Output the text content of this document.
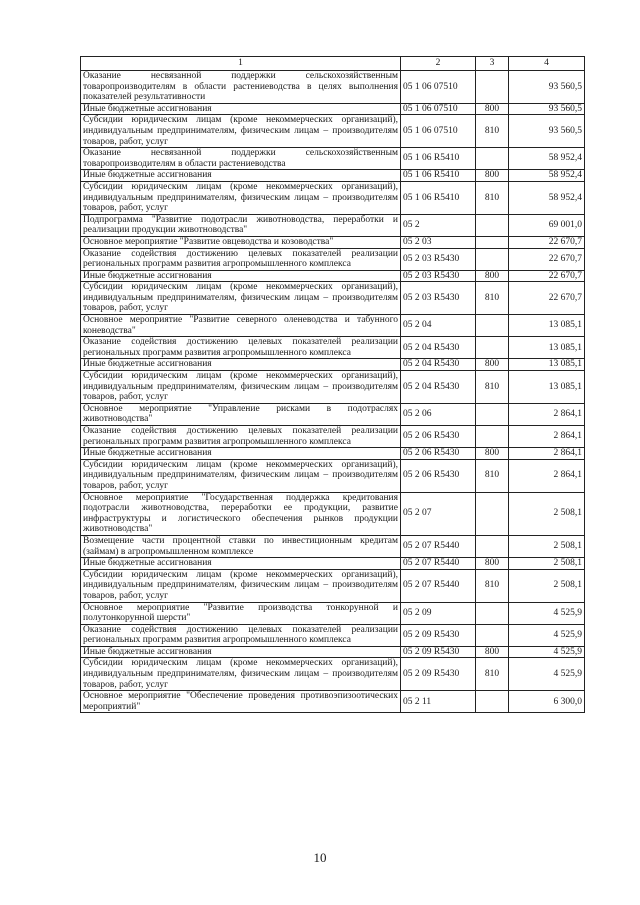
1	2	3	4
Оказание несвязанной поддержки сельскохозяйственным товаропроизводителям в области растениеводства в целях выполнения показателей результативности	05 1 06 07510		93 560,5
Иные бюджетные ассигнования	05 1 06 07510	800	93 560,5
Субсидии юридическим лицам (кроме некоммерческих организаций), индивидуальным предпринимателям, физическим лицам – производителям товаров, работ, услуг	05 1 06 07510	810	93 560,5
Оказание несвязанной поддержки сельскохозяйственным товаропроизводителям в области растениеводства	05 1 06 R5410		58 952,4
Иные бюджетные ассигнования	05 1 06 R5410	800	58 952,4
Субсидии юридическим лицам (кроме некоммерческих организаций), индивидуальным предпринимателям, физическим лицам – производителям товаров, работ, услуг	05 1 06 R5410	810	58 952,4
Подпрограмма "Развитие подотрасли животноводства, переработки и реализации продукции животноводства"	05 2		69 001,0
Основное мероприятие "Развитие овцеводства и козоводства"	05 2 03		22 670,7
Оказание содействия достижению целевых показателей реализации региональных программ развития агропромышленного комплекса	05 2 03 R5430		22 670,7
Иные бюджетные ассигнования	05 2 03 R5430	800	22 670,7
Субсидии юридическим лицам (кроме некоммерческих организаций), индивидуальным предпринимателям, физическим лицам – производителям товаров, работ, услуг	05 2 03 R5430	810	22 670,7
Основное мероприятие "Развитие северного оленеводства и табунного коневодства"	05 2 04		13 085,1
Оказание содействия достижению целевых показателей реализации региональных программ развития агропромышленного комплекса	05 2 04 R5430		13 085,1
Иные бюджетные ассигнования	05 2 04 R5430	800	13 085,1
Субсидии юридическим лицам (кроме некоммерческих организаций), индивидуальным предпринимателям, физическим лицам – производителям товаров, работ, услуг	05 2 04 R5430	810	13 085,1
Основное мероприятие "Управление рисками в подотраслях животноводства"	05 2 06		2 864,1
Оказание содействия достижению целевых показателей реализации региональных программ развития агропромышленного комплекса	05 2 06 R5430		2 864,1
Иные бюджетные ассигнования	05 2 06 R5430	800	2 864,1
Субсидии юридическим лицам (кроме некоммерческих организаций), индивидуальным предпринимателям, физическим лицам – производителям товаров, работ, услуг	05 2 06 R5430	810	2 864,1
Основное мероприятие "Государственная поддержка кредитования подотрасли животноводства, переработки ее продукции, развитие инфраструктуры и логистического обеспечения рынков продукции животноводства"	05 2 07		2 508,1
Возмещение части процентной ставки по инвестиционным кредитам (займам) в агропромышленном комплексе	05 2 07 R5440		2 508,1
Иные бюджетные ассигнования	05 2 07 R5440	800	2 508,1
Субсидии юридическим лицам (кроме некоммерческих организаций), индивидуальным предпринимателям, физическим лицам – производителям товаров, работ, услуг	05 2 07 R5440	810	2 508,1
Основное мероприятие "Развитие производства тонкорунной и полутонкорунной шерсти"	05 2 09		4 525,9
Оказание содействия достижению целевых показателей реализации региональных программ развития агропромышленного комплекса	05 2 09 R5430		4 525,9
Иные бюджетные ассигнования	05 2 09 R5430	800	4 525,9
Субсидии юридическим лицам (кроме некоммерческих организаций), индивидуальным предпринимателям, физическим лицам – производителям товаров, работ, услуг	05 2 09 R5430	810	4 525,9
Основное мероприятие "Обеспечение проведения противоэпизоотических мероприятий"	05 2 11		6 300,0
10
